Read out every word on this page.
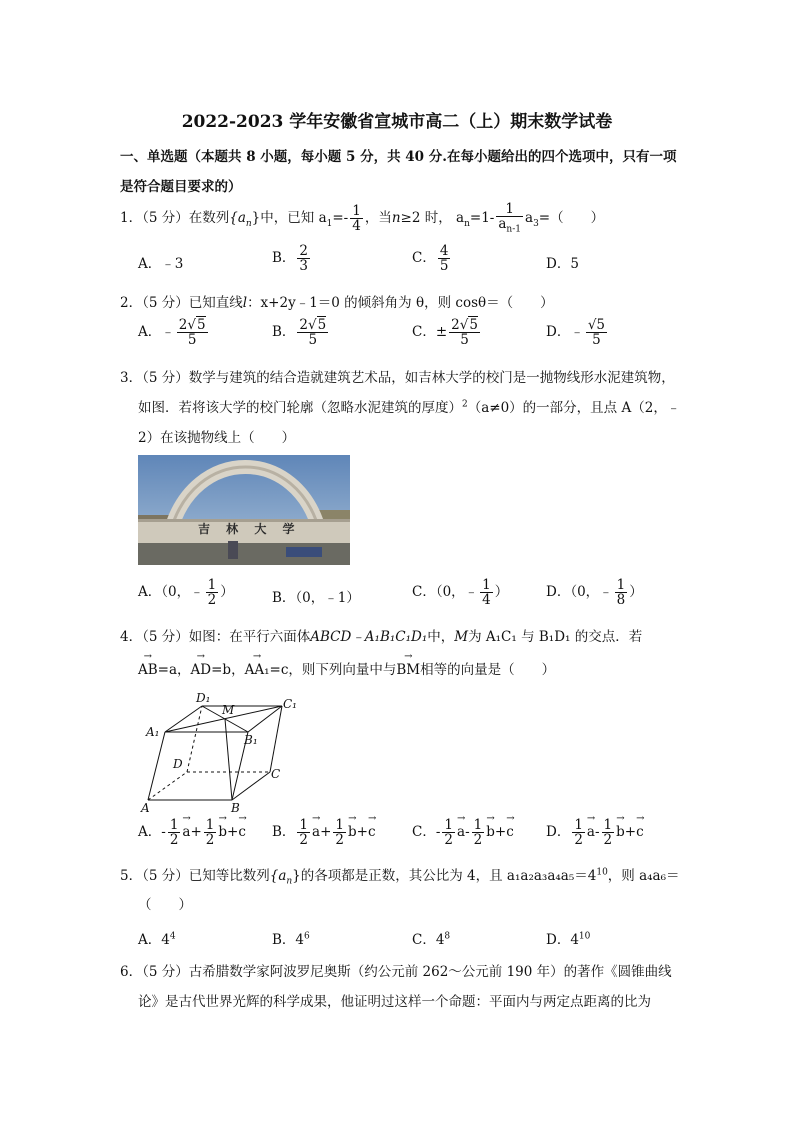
2022-2023 学年安徽省宣城市高二（上）期末数学试卷
一、单选题（本题共 8 小题，每小题 5 分，共 40 分.在每小题给出的四个选项中，只有一项
是符合题目要求的）
1．（5 分）在数列$\{a_n\}$中，已知 $a_1=- \frac{1}{4}$ ，当n≥2 时， $a_n=1- \frac{1}{a_{n-1}} a_3=$（　　）
A．﹣3	B． $\frac{2}{3}$	C． $\frac{4}{5}$	D．5
2．（5 分）已知直线l：x+2y﹣1＝0 的倾斜角为 θ，则 cosθ＝（　　）
A．﹣ $\frac{2√5}{5}$	B． $\frac{2√5}{5}$	C．± $\frac{2√5}{5}$	D．﹣ $\frac{√5}{5}$
3．（5 分）数学与建筑的结合造就建筑艺术品，如吉林大学的校门是一抛物线形水泥建筑物，
如图．若将该大学的校门轮廓（忽略水泥建筑的厚度）$^2$（a≠0）的一部分，且点 A（2，﹣
2）在该抛物线上（　　）
吉 林 大 学
A．（0，﹣ $\frac{1}{2}$ ）	B．（0，﹣1）	C．（0，﹣ $\frac{1}{4}$ ）	D．（0，﹣ $\frac{1}{8}$ ）
4．（5 分）如图：在平行六面体ABCD﹣A₁B₁C₁D₁中，M为 A₁C₁ 与 B₁D₁ 的交点．若
→ AB=a，→ AD=b，→ AA₁=c，则下列向量中与→ BM相等的向量是（　　）
D₁
M	C₁
A₁
B₁
D
C
A	B
A．- $\frac{1}{2}$
→ $a+ \frac{1}{2}$
→ b+→ c B． $\frac{1}{2}$
→ $a+ \frac{1}{2}$
→ b+→ c	C．- $\frac{1}{2}$
→ $a- \frac{1}{2}$
→ b+→ c D． $\frac{1}{2}$
→ $a- \frac{1}{2}$
→ b+→ c
5．（5 分）已知等比数列$\{a_n\}$的各项都是正数，其公比为 4，且 $a_1a_2a_3a_4a_5=4^{10}$，则 a₄a₆＝
（　　）
A．$4^4$	B．$4^6$	C．$4^8$	D．$4^{10}$
6．（5 分）古希腊数学家阿波罗尼奥斯（约公元前 262～公元前 190 年）的著作《圆锥曲线
论》是古代世界光辉的科学成果，他证明过这样一个命题：平面内与两定点距离的比为
